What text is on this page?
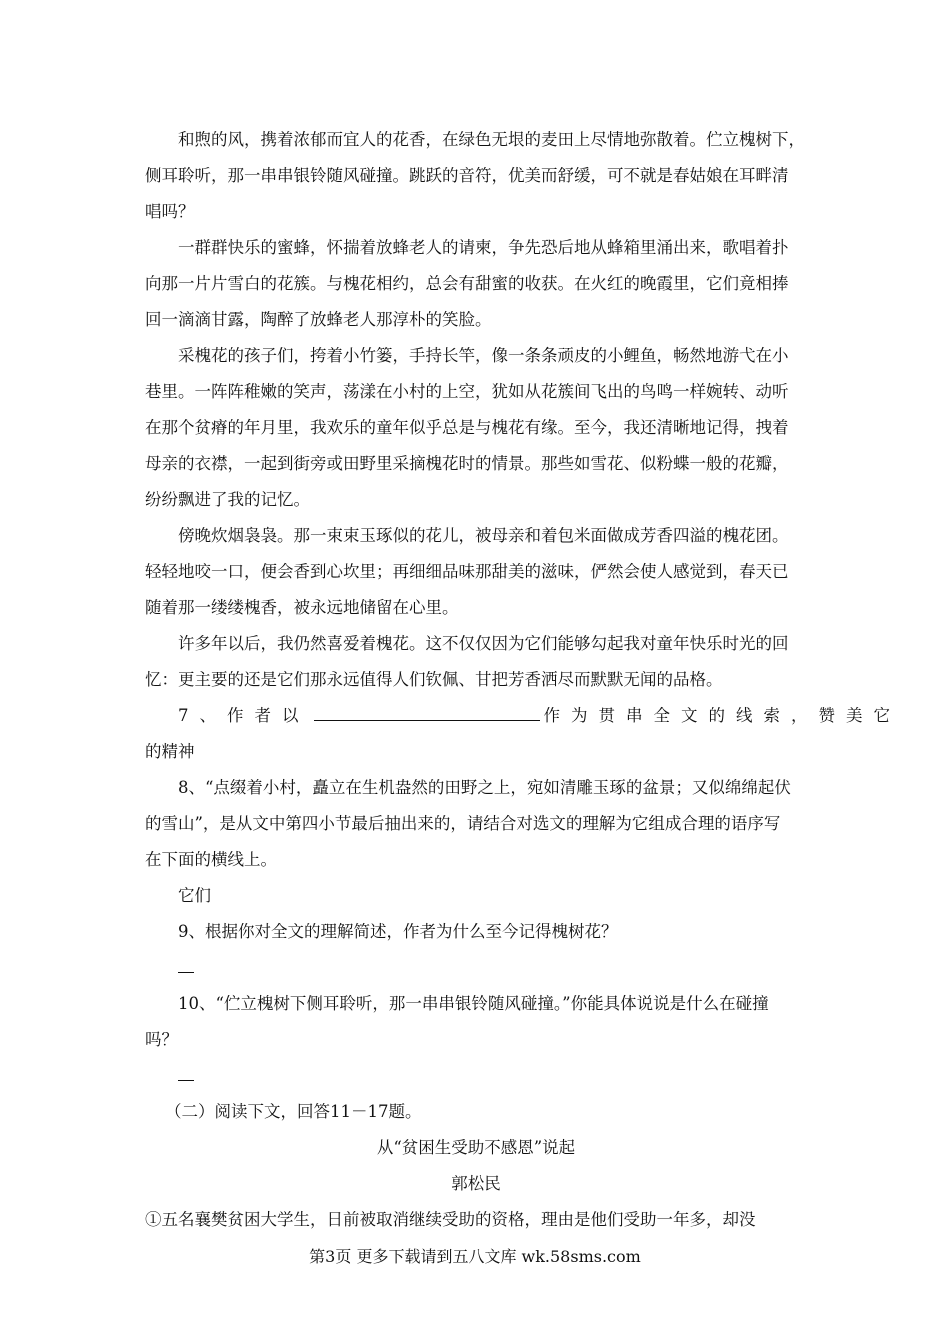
和煦的风，携着浓郁而宜人的花香，在绿色无垠的麦田上尽情地弥散着。伫立槐树下，
侧耳聆听，那一串串银铃随风碰撞。跳跃的音符，优美而舒缓，可不就是春姑娘在耳畔清
唱吗？
一群群快乐的蜜蜂，怀揣着放蜂老人的请柬，争先恐后地从蜂箱里涌出来，歌唱着扑
向那一片片雪白的花簇。与槐花相约，总会有甜蜜的收获。在火红的晚霞里，它们竟相捧
回一滴滴甘露，陶醉了放蜂老人那淳朴的笑脸。
采槐花的孩子们，挎着小竹篓，手持长竿，像一条条顽皮的小鲤鱼，畅然地游弋在小
巷里。一阵阵稚嫩的笑声，荡漾在小村的上空，犹如从花簇间飞出的鸟鸣一样婉转、动听
在那个贫瘠的年月里，我欢乐的童年似乎总是与槐花有缘。至今，我还清晰地记得，拽着
母亲的衣襟，一起到街旁或田野里采摘槐花时的情景。那些如雪花、似粉蝶一般的花瓣，
纷纷飘进了我的记忆。
傍晚炊烟袅袅。那一束束玉琢似的花儿，被母亲和着包米面做成芳香四溢的槐花团。
轻轻地咬一口，便会香到心坎里；再细细品味那甜美的滋味，俨然会使人感觉到，春天已
随着那一缕缕槐香，被永远地储留在心里。
许多年以后，我仍然喜爱着槐花。这不仅仅因为它们能够勾起我对童年快乐时光的回
忆：更主要的还是它们那永远值得人们钦佩、甘把芳香洒尽而默默无闻的品格。
7、作者以	作为贯串全文的线索，赞美它
的精神
8、“点缀着小村，矗立在生机盎然的田野之上，宛如清雕玉琢的盆景；又似绵绵起伏
的雪山”，是从文中第四小节最后抽出来的，请结合对选文的理解为它组成合理的语序写
在下面的横线上。
它们
9、根据你对全文的理解简述，作者为什么至今记得槐树花？
10、“伫立槐树下侧耳聆听，那一串串银铃随风碰撞。”你能具体说说是什么在碰撞
吗？
（二）阅读下文，回答11－17题。
从“贫困生受助不感恩”说起
郭松民
①五名襄樊贫困大学生，日前被取消继续受助的资格，理由是他们受助一年多，却没
第3页 更多下载请到五八文库 wk.58sms.com
